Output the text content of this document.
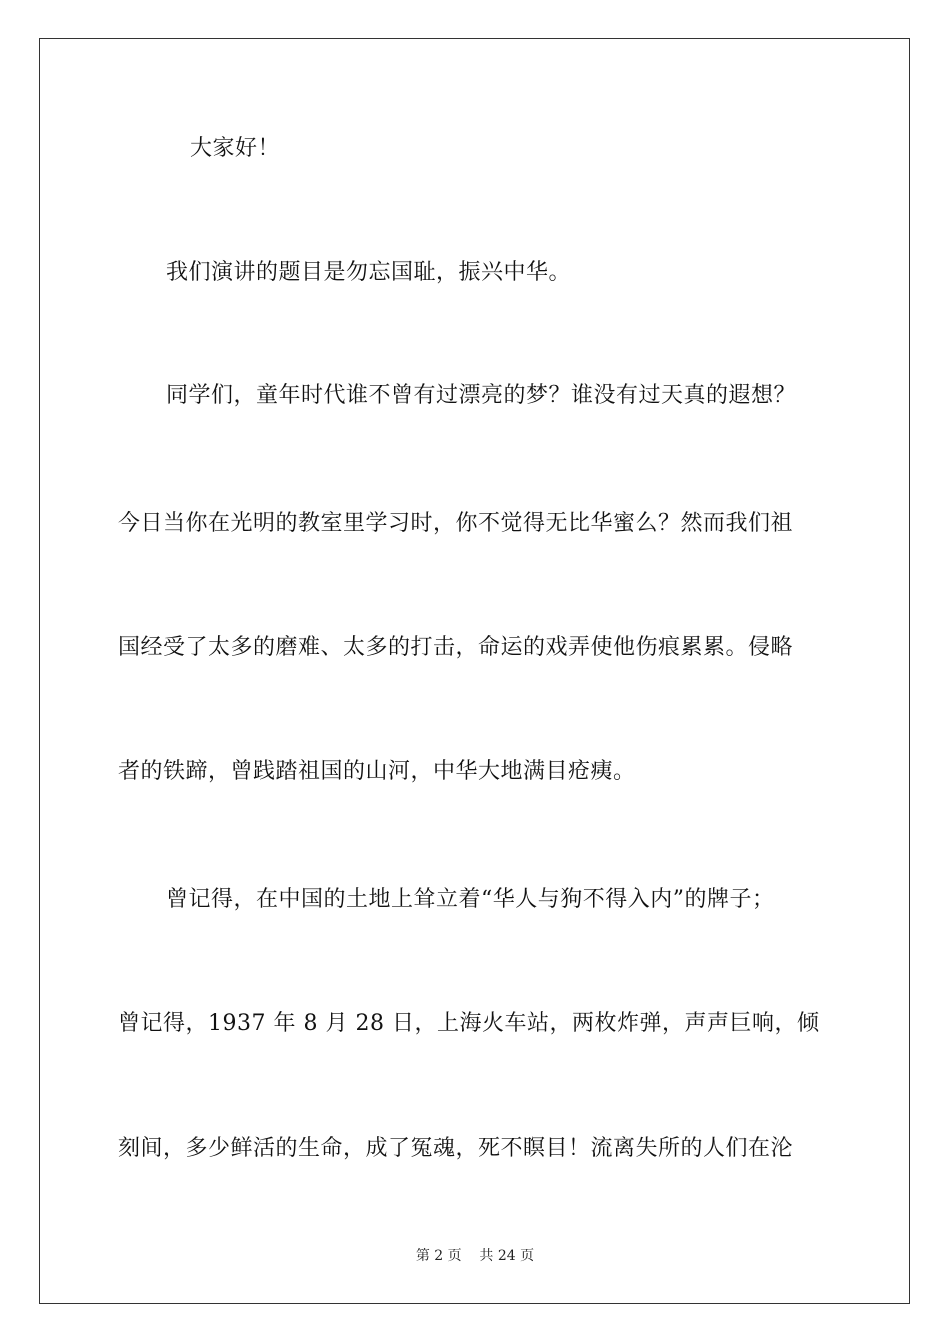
大家好！
我们演讲的题目是勿忘国耻，振兴中华。
同学们，童年时代谁不曾有过漂亮的梦？谁没有过天真的遐想？
今日当你在光明的教室里学习时，你不觉得无比华蜜么？然而我们祖
国经受了太多的磨难、太多的打击，命运的戏弄使他伤痕累累。侵略
者的铁蹄，曾践踏祖国的山河，中华大地满目疮痍。
曾记得，在中国的土地上耸立着“华人与狗不得入内”的牌子；
曾记得，1937 年 8 月 28 日，上海火车站，两枚炸弹，声声巨响，倾
刻间，多少鲜活的生命，成了冤魂，死不瞑目！流离失所的人们在沦
第 2 页    共 24 页
